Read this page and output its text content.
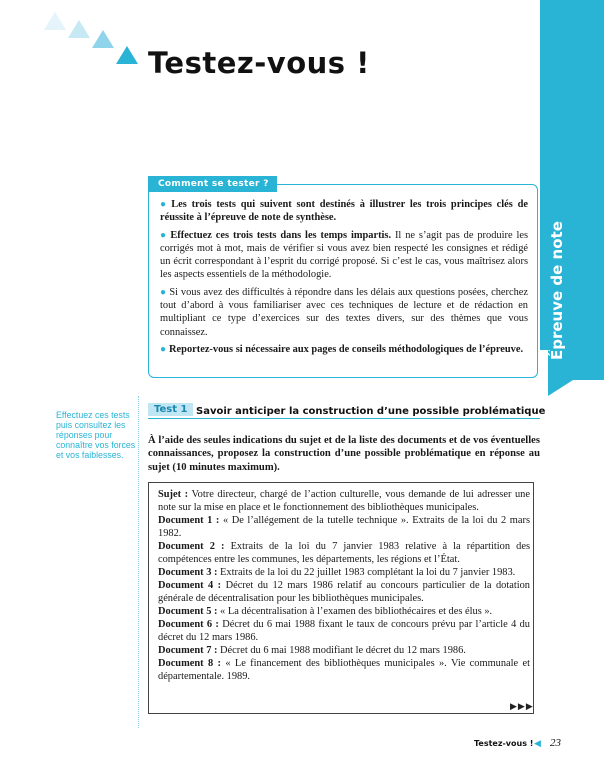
Testez-vous !
Épreuve de note
Comment se tester ?

● Les trois tests qui suivent sont destinés à illustrer les trois principes clés de réussite à l’épreuve de note de synthèse.

● Effectuez ces trois tests dans les temps impartis. Il ne s’agit pas de produire les corrigés mot à mot, mais de vérifier si vous avez bien respecté les consignes et rédigé un écrit correspondant à l’esprit du corrigé proposé. Si c’est le cas, vous maîtrisez alors les aspects essentiels de la méthodologie.

● Si vous avez des difficultés à répondre dans les délais aux questions posées, cherchez tout d’abord à vous familiariser avec ces techniques de lecture et de rédaction en multipliant ce type d’exercices sur des textes divers, sur des thèmes que vous connaissez.

● Reportez-vous si nécessaire aux pages de conseils méthodologiques de l’épreuve.

Effectuez ces tests puis consultez les réponses pour connaître vos forces et vos faiblesses.
Test 1 Savoir anticiper la construction d’une possible problématique
À l’aide des seules indications du sujet et de la liste des documents et de vos éventuelles connaissances, proposez la construction d’une possible problématique en réponse au sujet (10 minutes maximum).

Sujet : Votre directeur, chargé de l’action culturelle, vous demande de lui adresser une note sur la mise en place et le fonctionnement des bibliothèques municipales.

Document 1 : « De l’allégement de la tutelle technique ». Extraits de la loi du 2 mars 1982.

Document 2 : Extraits de la loi du 7 janvier 1983 relative à la répartition des compétences entre les communes, les départements, les régions et l’État.

Document 3 : Extraits de la loi du 22 juillet 1983 complétant la loi du 7 janvier 1983.

Document 4 : Décret du 12 mars 1986 relatif au concours particulier de la dotation générale de décentralisation pour les bibliothèques municipales.

Document 5 : « La décentralisation à l’examen des bibliothécaires et des élus ».

Document 6 : Décret du 6 mai 1988 fixant le taux de concours prévu par l’article 4 du décret du 12 mars 1986.

Document 7 : Décret du 6 mai 1988 modifiant le décret du 12 mars 1986.

Document 8 : « Le financement des bibliothèques municipales ». Vie communale et départementale. 1989.

▶▶▶
Testez-vous ! ◀ 23
